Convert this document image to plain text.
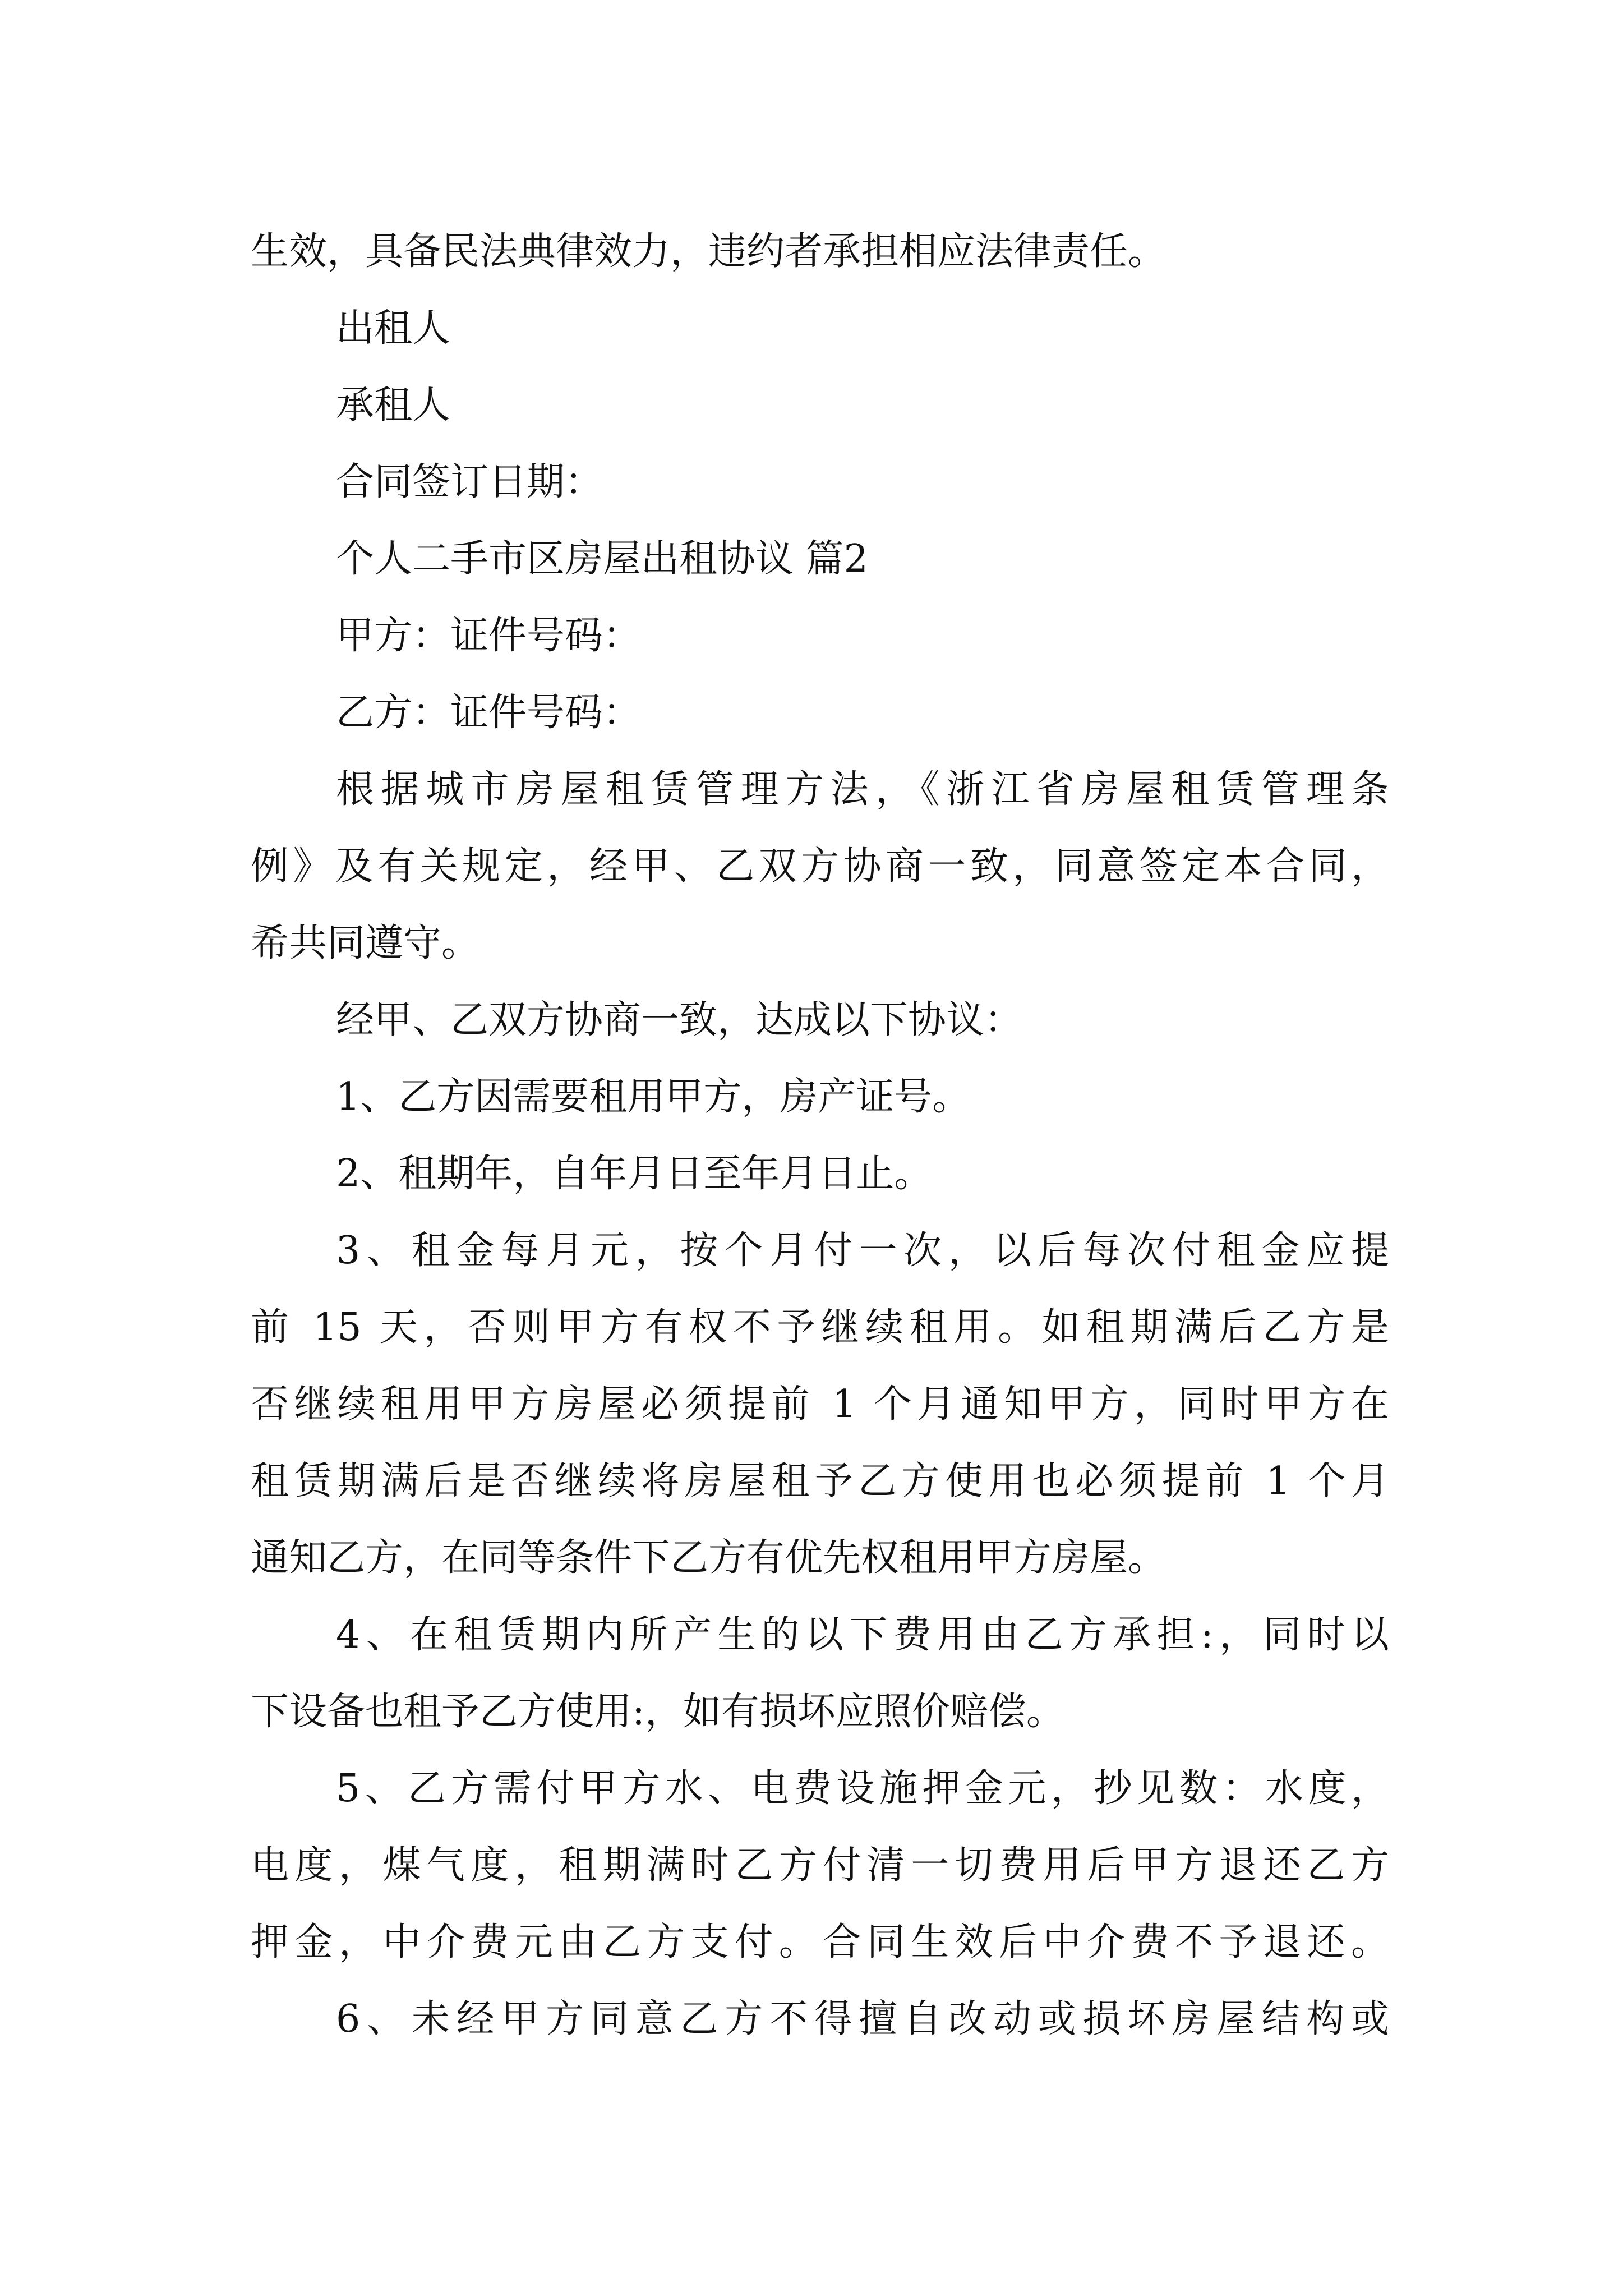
生效，具备民法典律效力，违约者承担相应法律责任。
出租人
承租人
合同签订日期：
个人二手市区房屋出租协议 篇2
甲方：证件号码：
乙方：证件号码：
根据城市房屋租赁管理方法，《浙江省房屋租赁管理条
例》及有关规定，经甲、乙双方协商一致，同意签定本合同，
希共同遵守。
经甲、乙双方协商一致，达成以下协议：
1、乙方因需要租用甲方，房产证号。
2、租期年，自年月日至年月日止。
3、租金每月元，按个月付一次，以后每次付租金应提
前 15 天，否则甲方有权不予继续租用。如租期满后乙方是
否继续租用甲方房屋必须提前 1 个月通知甲方，同时甲方在
租赁期满后是否继续将房屋租予乙方使用也必须提前 1 个月
通知乙方，在同等条件下乙方有优先权租用甲方房屋。
4、在租赁期内所产生的以下费用由乙方承担:，同时以
下设备也租予乙方使用:，如有损坏应照价赔偿。
5、乙方需付甲方水、电费设施押金元，抄见数：水度，
电度，煤气度，租期满时乙方付清一切费用后甲方退还乙方
押金，中介费元由乙方支付。合同生效后中介费不予退还。
6、未经甲方同意乙方不得擅自改动或损坏房屋结构或
